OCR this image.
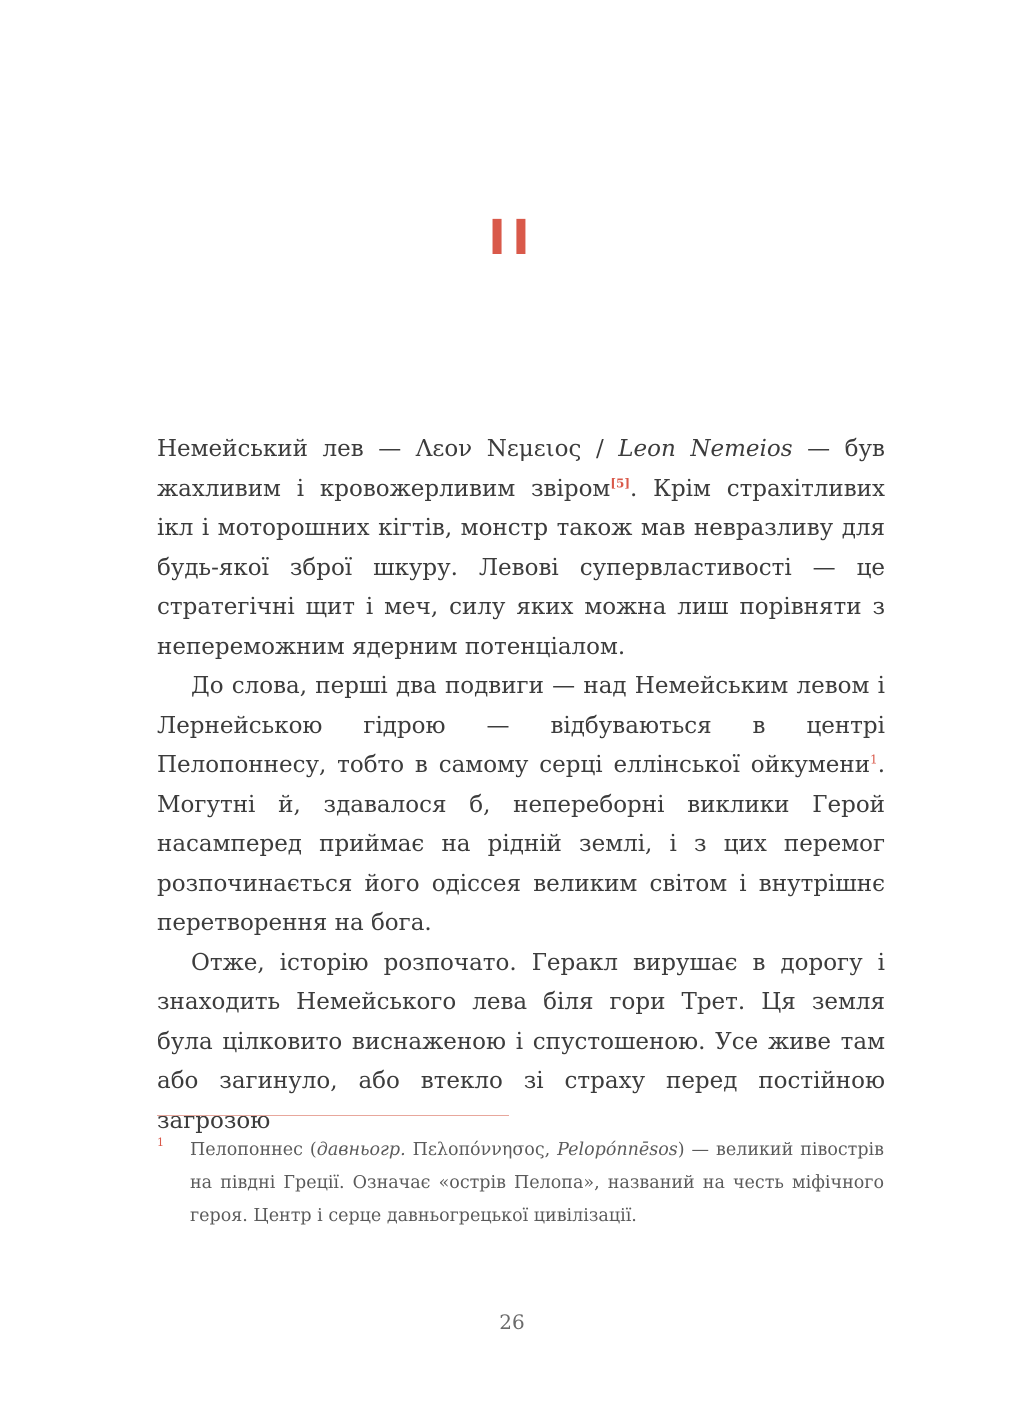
II

Немейський лев — Λεον Νεμειος / Leon Nemeios — був жахливим і кровожерливим звіром[5]. Крім страхітливих ікл і моторошних кігтів, монстр також мав невразливу для будь-якої зброї шкуру. Левові супервластивості — це стратегічні щит і меч, силу яких можна лиш порівняти з непереможним ядерним потенціалом.

До слова, перші два подвиги — над Немейським левом і Лернейською гідрою — відбуваються в центрі Пелопоннесу, тобто в самому серці еллінської ойкумени$^1$. Могутні й, здавалося б, непереборні виклики Герой насамперед приймає на рідній землі, і з цих перемог розпочинається його одіссея великим світом і внутрішнє перетворення на бога.

Отже, історію розпочато. Геракл вирушає в дорогу і знаходить Немейського лева біля гори Трет. Ця земля була цілковито виснаженою і спустошеною. Усе живе там або загинуло, або втекло зі страху перед постійною загрозою

1 Пелопоннес (давньогр. Πελοπόννησος, Pelopónnēsos) — великий півострів на півдні Греції. Означає «острів Пелопа», названий на честь міфічного героя. Центр і серце давньогрецької цивілізації.
26
